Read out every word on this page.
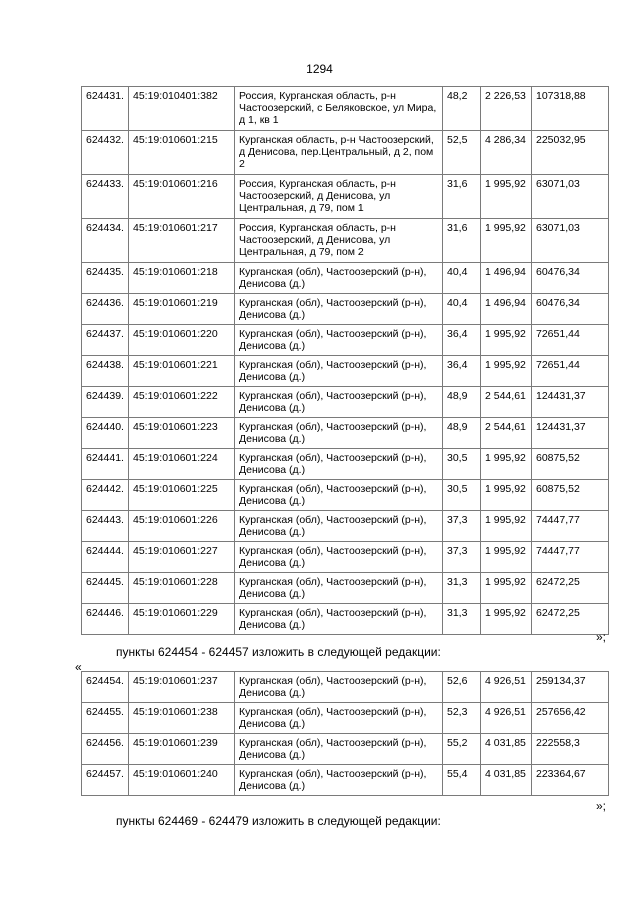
1294
624431.	45:19:010401:382	Россия, Курганская область, р-н Частоозерский, с Беляковское, ул Мира, д 1, кв 1	48,2	2 226,53	107318,88
624432.	45:19:010601:215	Курганская область, р-н Частоозерский, д Денисова, пер.Центральный, д 2, пом 2	52,5	4 286,34	225032,95
624433.	45:19:010601:216	Россия, Курганская область, р-н Частоозерский, д Денисова, ул Центральная, д 79, пом 1	31,6	1 995,92	63071,03
624434.	45:19:010601:217	Россия, Курганская область, р-н Частоозерский, д Денисова, ул Центральная, д 79, пом 2	31,6	1 995,92	63071,03
624435.	45:19:010601:218	Курганская (обл), Частоозерский (р-н), Денисова (д.)	40,4	1 496,94	60476,34
624436.	45:19:010601:219	Курганская (обл), Частоозерский (р-н), Денисова (д.)	40,4	1 496,94	60476,34
624437.	45:19:010601:220	Курганская (обл), Частоозерский (р-н), Денисова (д.)	36,4	1 995,92	72651,44
624438.	45:19:010601:221	Курганская (обл), Частоозерский (р-н), Денисова (д.)	36,4	1 995,92	72651,44
624439.	45:19:010601:222	Курганская (обл), Частоозерский (р-н), Денисова (д.)	48,9	2 544,61	124431,37
624440.	45:19:010601:223	Курганская (обл), Частоозерский (р-н), Денисова (д.)	48,9	2 544,61	124431,37
624441.	45:19:010601:224	Курганская (обл), Частоозерский (р-н), Денисова (д.)	30,5	1 995,92	60875,52
624442.	45:19:010601:225	Курганская (обл), Частоозерский (р-н), Денисова (д.)	30,5	1 995,92	60875,52
624443.	45:19:010601:226	Курганская (обл), Частоозерский (р-н), Денисова (д.)	37,3	1 995,92	74447,77
624444.	45:19:010601:227	Курганская (обл), Частоозерский (р-н), Денисова (д.)	37,3	1 995,92	74447,77
624445.	45:19:010601:228	Курганская (обл), Частоозерский (р-н), Денисова (д.)	31,3	1 995,92	62472,25
624446.	45:19:010601:229	Курганская (обл), Частоозерский (р-н), Денисова (д.)	31,3	1 995,92	62472,25
»;
пункты 624454 - 624457 изложить в следующей редакции:
«
624454.	45:19:010601:237	Курганская (обл), Частоозерский (р-н), Денисова (д.)	52,6	4 926,51	259134,37
624455.	45:19:010601:238	Курганская (обл), Частоозерский (р-н), Денисова (д.)	52,3	4 926,51	257656,42
624456.	45:19:010601:239	Курганская (обл), Частоозерский (р-н), Денисова (д.)	55,2	4 031,85	222558,3
624457.	45:19:010601:240	Курганская (обл), Частоозерский (р-н), Денисова (д.)	55,4	4 031,85	223364,67
»;
пункты 624469 - 624479 изложить в следующей редакции:
